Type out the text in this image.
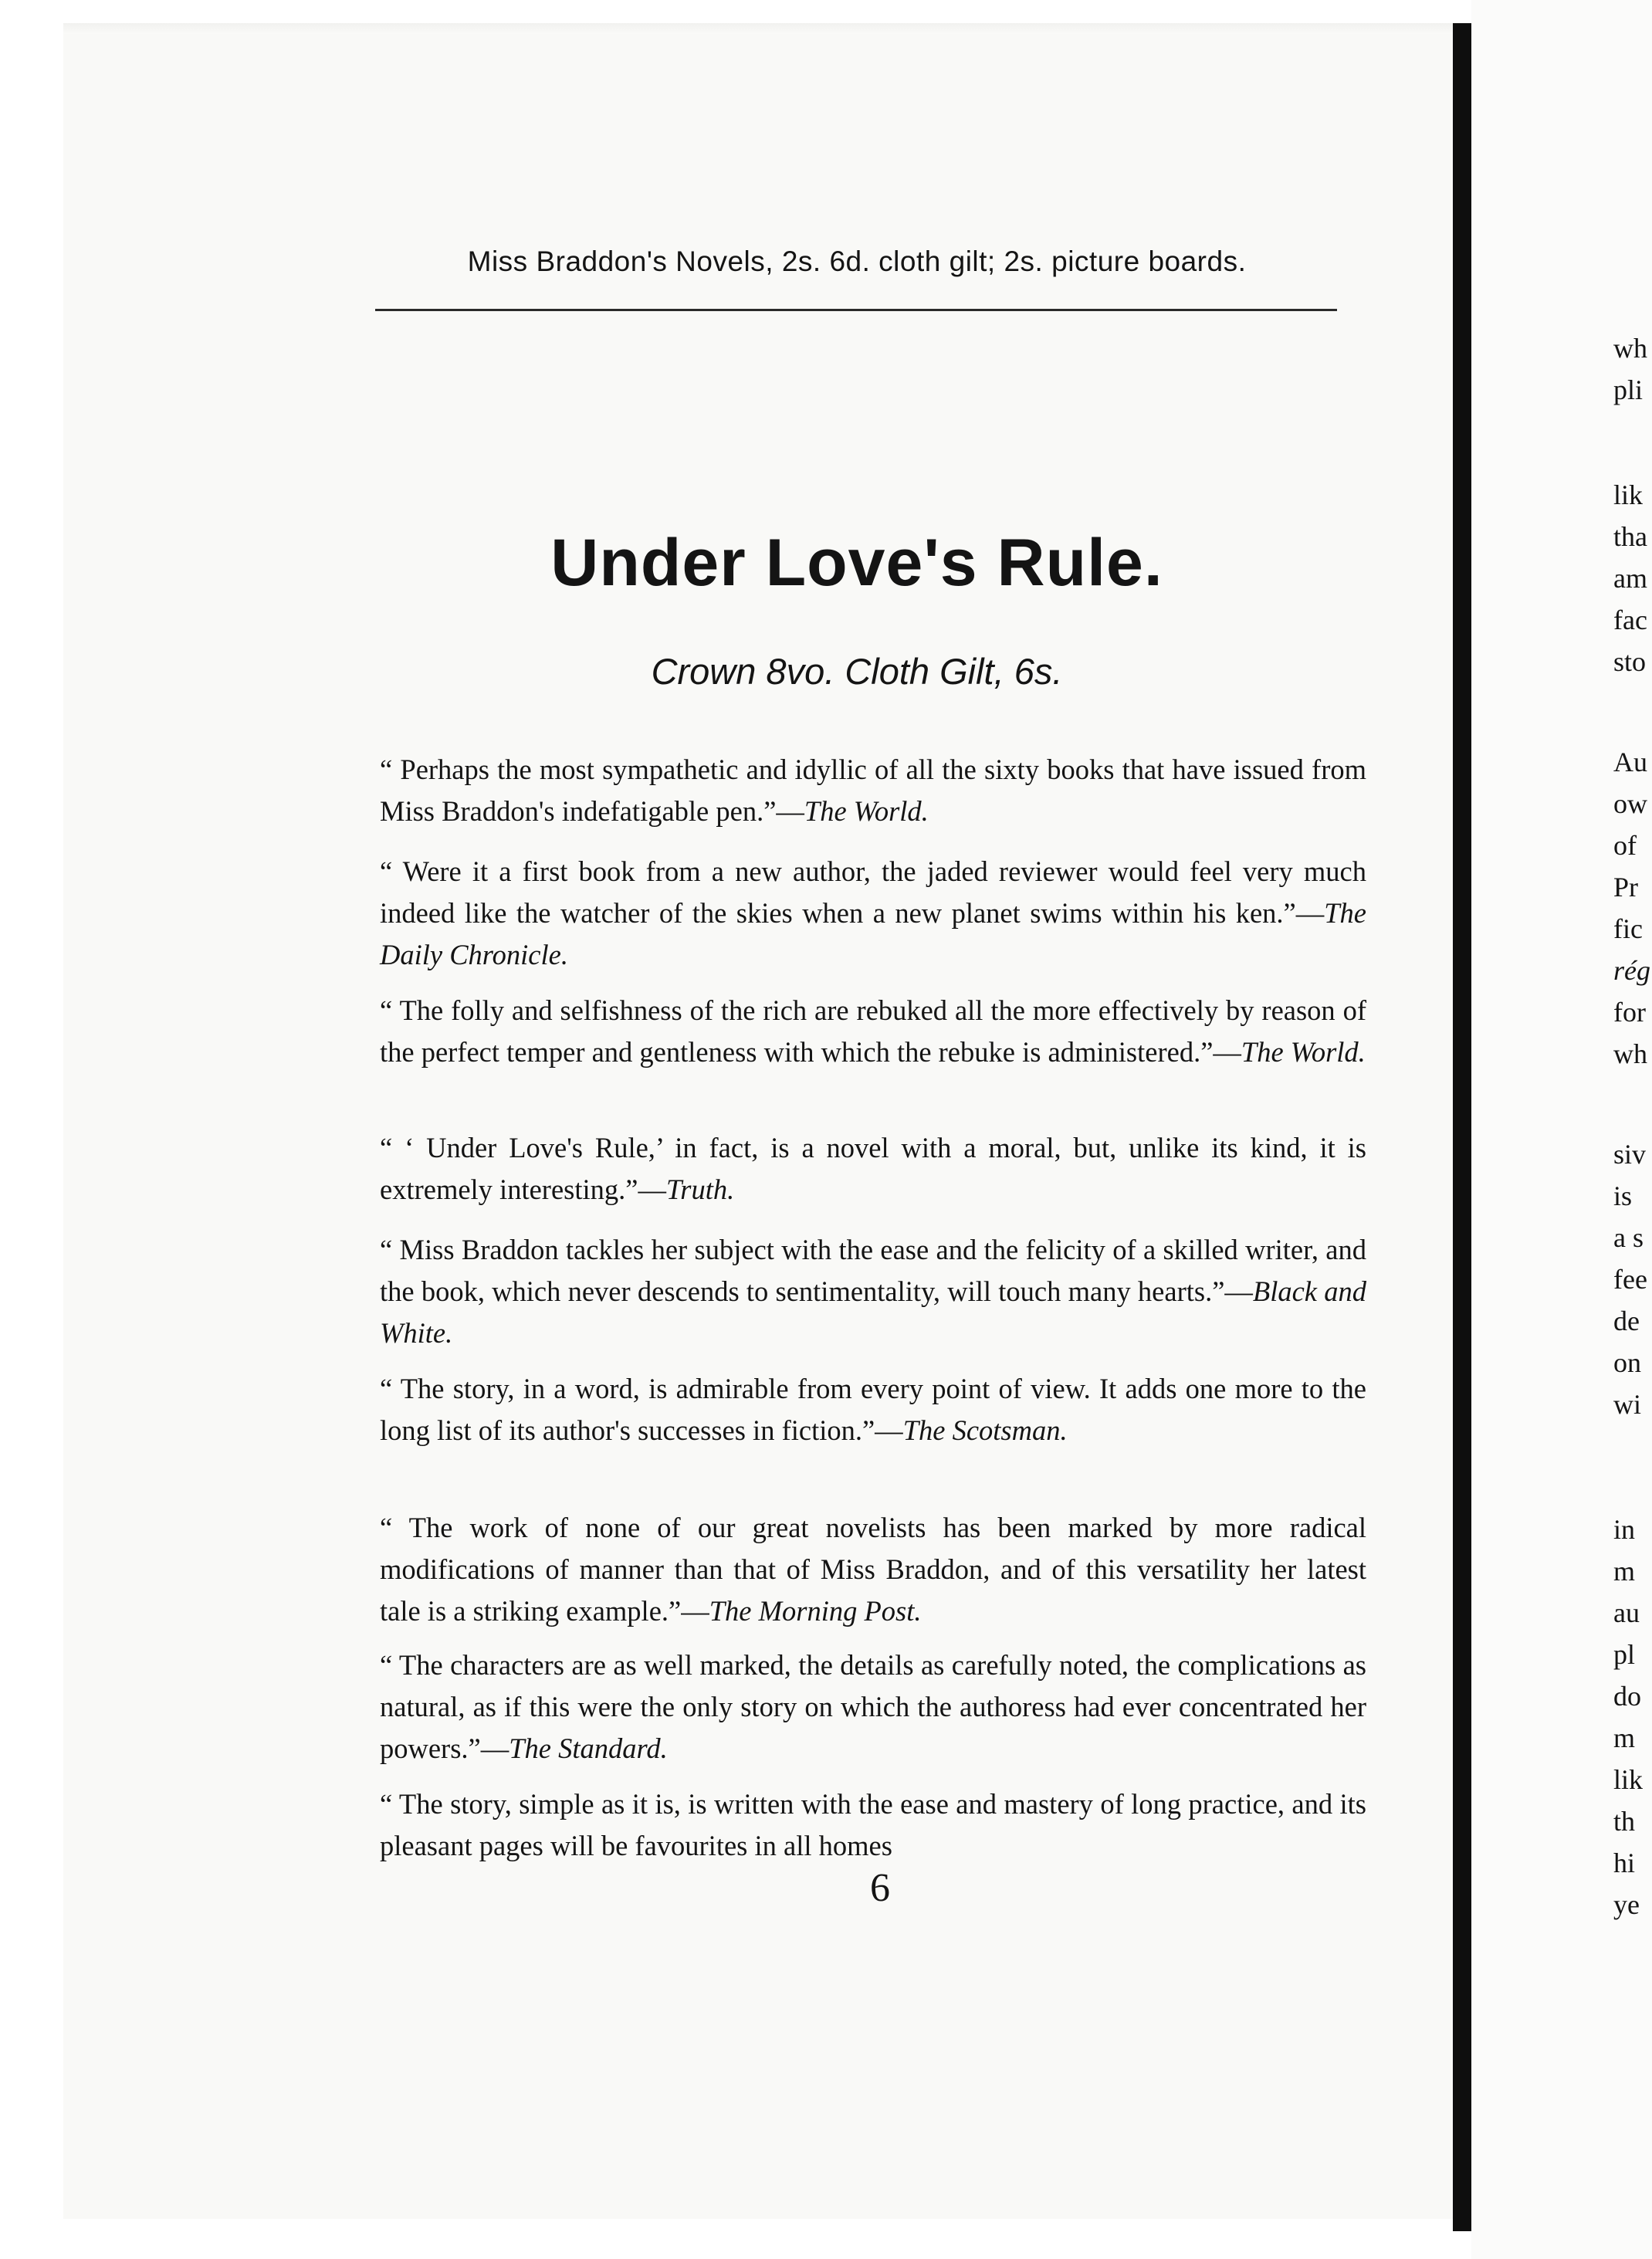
Miss Braddon's Novels, 2s. 6d. cloth gilt; 2s. picture boards.
Under Love's Rule.
Crown 8vo. Cloth Gilt, 6s.
“ Perhaps the most sympathetic and idyllic of all the sixty books that have issued from Miss Braddon's indefatigable pen.”—The World.
“ Were it a first book from a new author, the jaded reviewer would feel very much indeed like the watcher of the skies when a new planet swims within his ken.”—The Daily Chronicle.
“ The folly and selfishness of the rich are rebuked all the more effectively by reason of the perfect temper and gentleness with which the rebuke is administered.”—The World.
“ ‘ Under Love's Rule,’ in fact, is a novel with a moral, but, unlike its kind, it is extremely interesting.”—Truth.
“ Miss Braddon tackles her subject with the ease and the felicity of a skilled writer, and the book, which never descends to sentimentality, will touch many hearts.”—Black and White.
“ The story, in a word, is admirable from every point of view. It adds one more to the long list of its author's successes in fiction.”—The Scotsman.
“ The work of none of our great novelists has been marked by more radical modifications of manner than that of Miss Braddon, and of this versatility her latest tale is a striking example.”—The Morning Post.
“ The characters are as well marked, the details as carefully noted, the complications as natural, as if this were the only story on which the authoress had ever concentrated her powers.”—The Standard.
“ The story, simple as it is, is written with the ease and mastery of long practice, and its pleasant pages will be favourites in all homes
6
wh
pli
lik
tha
am
fac
sto
Au
ow
of
Pr
fic
rég
for
wh
siv
is
a s
fee
de
on
wi
in
m
au
pl
do
m
lik
th
hi
ye
